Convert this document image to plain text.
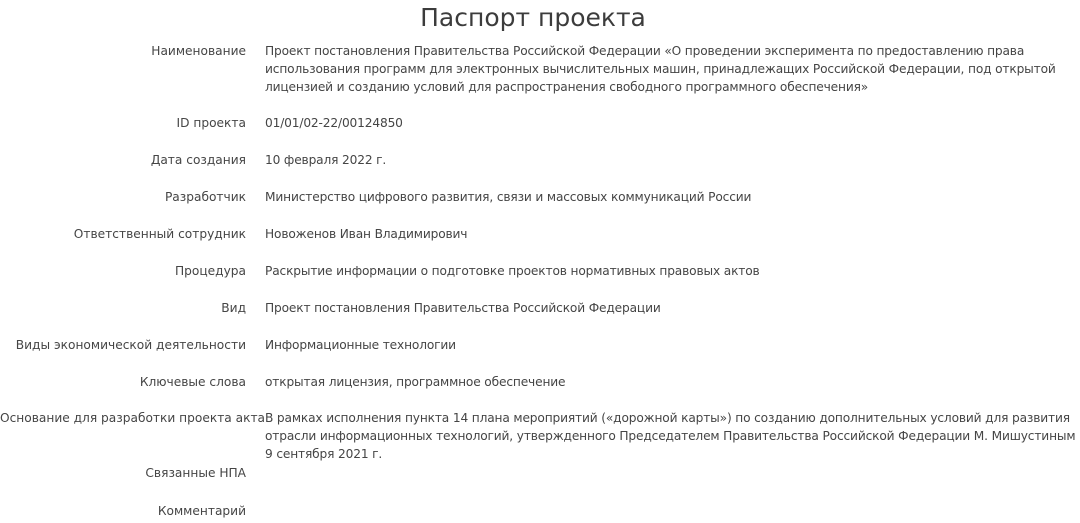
Паспорт проекта
Наименование Проект постановления Правительства Российской Федерации «О проведении эксперимента по предоставлению права использования программ для электронных вычислительных машин, принадлежащих Российской Федерации, под открытой лицензией и созданию условий для распространения свободного программного обеспечения»
ID проекта 01/01/02-22/00124850
Дата создания 10 февраля 2022 г.
Разработчик Министерство цифрового развития, связи и массовых коммуникаций России
Ответственный сотрудник Новоженов Иван Владимирович
Процедура Раскрытие информации о подготовке проектов нормативных правовых актов
Вид Проект постановления Правительства Российской Федерации
Виды экономической деятельности Информационные технологии
Ключевые слова открытая лицензия, программное обеспечение
Основание для разработки проекта акта В рамках исполнения пункта 14 плана мероприятий («дорожной карты») по созданию дополнительных условий для развития отрасли информационных технологий, утвержденного Председателем Правительства Российской Федерации М. Мишустиным 9 сентября 2021 г.
Связанные НПА
Комментарий
